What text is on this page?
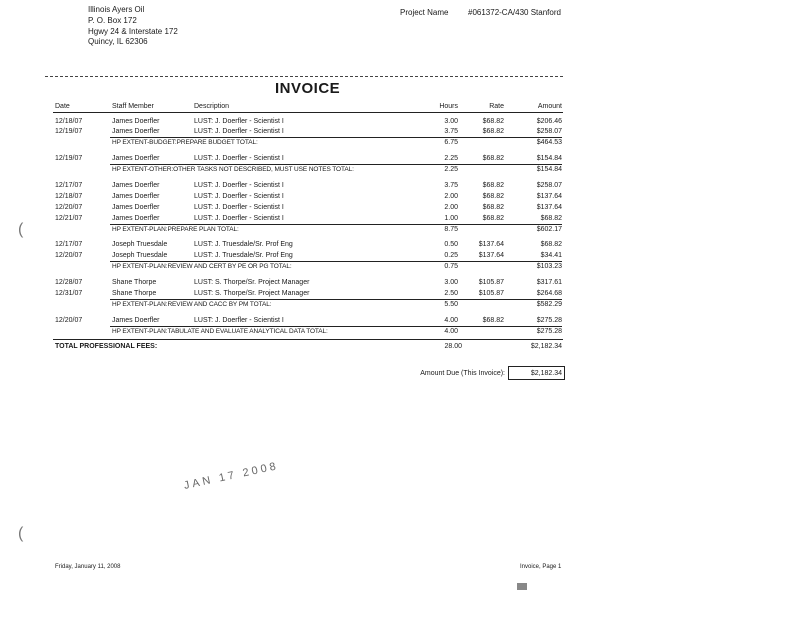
Illinois Ayers Oil
P. O. Box 172
Hgwy 24 & Interstate 172
Quincy, IL 62306
Project Name #061372-CA/430 Stanford
INVOICE
Date	Staff Member	Description	Hours	Rate	Amount
12/18/07	James Doerfler	LUST: J. Doerfler - Scientist I	3.00	$68.82	$206.46
12/19/07	James Doerfler	LUST: J. Doerfler - Scientist I	3.75	$68.82	$258.07
HP EXTENT-BUDGET:PREPARE BUDGET TOTAL:	6.75	$464.53
12/19/07	James Doerfler	LUST: J. Doerfler - Scientist I	2.25	$68.82	$154.84
HP EXTENT-OTHER:OTHER TASKS NOT DESCRIBED, MUST USE NOTES TOTAL:	2.25	$154.84
12/17/07	James Doerfler	LUST: J. Doerfler - Scientist I	3.75	$68.82	$258.07
12/18/07	James Doerfler	LUST: J. Doerfler - Scientist I	2.00	$68.82	$137.64
12/20/07	James Doerfler	LUST: J. Doerfler - Scientist I	2.00	$68.82	$137.64
12/21/07	James Doerfler	LUST: J. Doerfler - Scientist I	1.00	$68.82	$68.82
HP EXTENT-PLAN:PREPARE PLAN TOTAL:	8.75	$602.17
12/17/07	Joseph Truesdale	LUST: J. Truesdale/Sr. Prof Eng	0.50	$137.64	$68.82
12/20/07	Joseph Truesdale	LUST: J. Truesdale/Sr. Prof Eng	0.25	$137.64	$34.41
HP EXTENT-PLAN:REVIEW AND CERT BY PE OR PG TOTAL:	0.75	$103.23
12/28/07	Shane Thorpe	LUST: S. Thorpe/Sr. Project Manager	3.00	$105.87	$317.61
12/31/07	Shane Thorpe	LUST: S. Thorpe/Sr. Project Manager	2.50	$105.87	$264.68
HP EXTENT-PLAN:REVIEW AND CACC BY PM TOTAL:	5.50	$582.29
12/20/07	James Doerfler	LUST: J. Doerfler - Scientist I	4.00	$68.82	$275.28
HP EXTENT-PLAN:TABULATE AND EVALUATE ANALYTICAL DATA TOTAL:	4.00	$275.28
TOTAL PROFESSIONAL FEES:	28.00	$2,182.34
Amount Due (This Invoice):	$2,182.34
JAN 17 2008
(
(
Friday, January 11, 2008	Invoice, Page 1
